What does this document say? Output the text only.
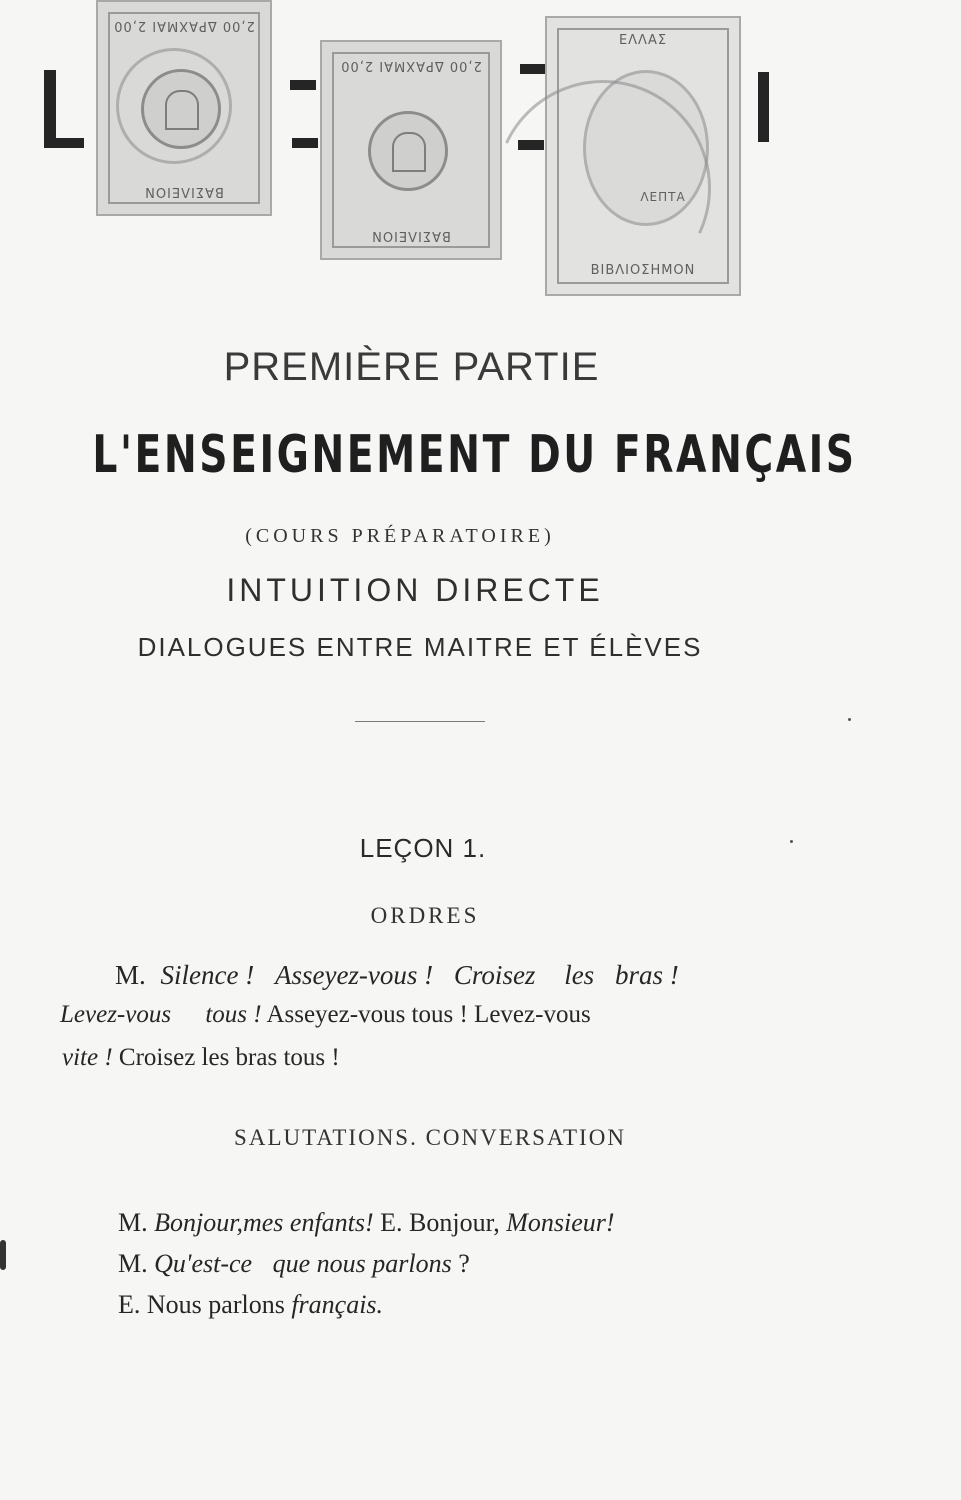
ΒΑΣΙΛΕΙΟΝ
2,00 ΔΡΑΧΜΑΙ 2,00
ΒΑΣΙΛΕΙΟΝ
2,00 ΔΡΑΧΜΑΙ 2,00
ΕΛΛΑΣ
ΛΕΠΤΑ
ΒΙΒΛΙΟΣΗΜΟΝ
PREMIÈRE PARTIE
L'ENSEIGNEMENT DU FRANÇAIS
(COURS PRÉPARATOIRE)
INTUITION DIRECTE
DIALOGUES ENTRE MAITRE ET ÉLÈVES
LEÇON 1.
ORDRES
M. Silence ! Asseyez-vous ! Croisez les bras !
Levez-vous tous ! Asseyez-vous tous ! Levez-vous
vite ! Croisez les bras tous !
SALUTATIONS. CONVERSATION
M. Bonjour,mes enfants! E. Bonjour, Monsieur!
M. Qu'est-ce que nous parlons ?
E. Nous parlons français.
